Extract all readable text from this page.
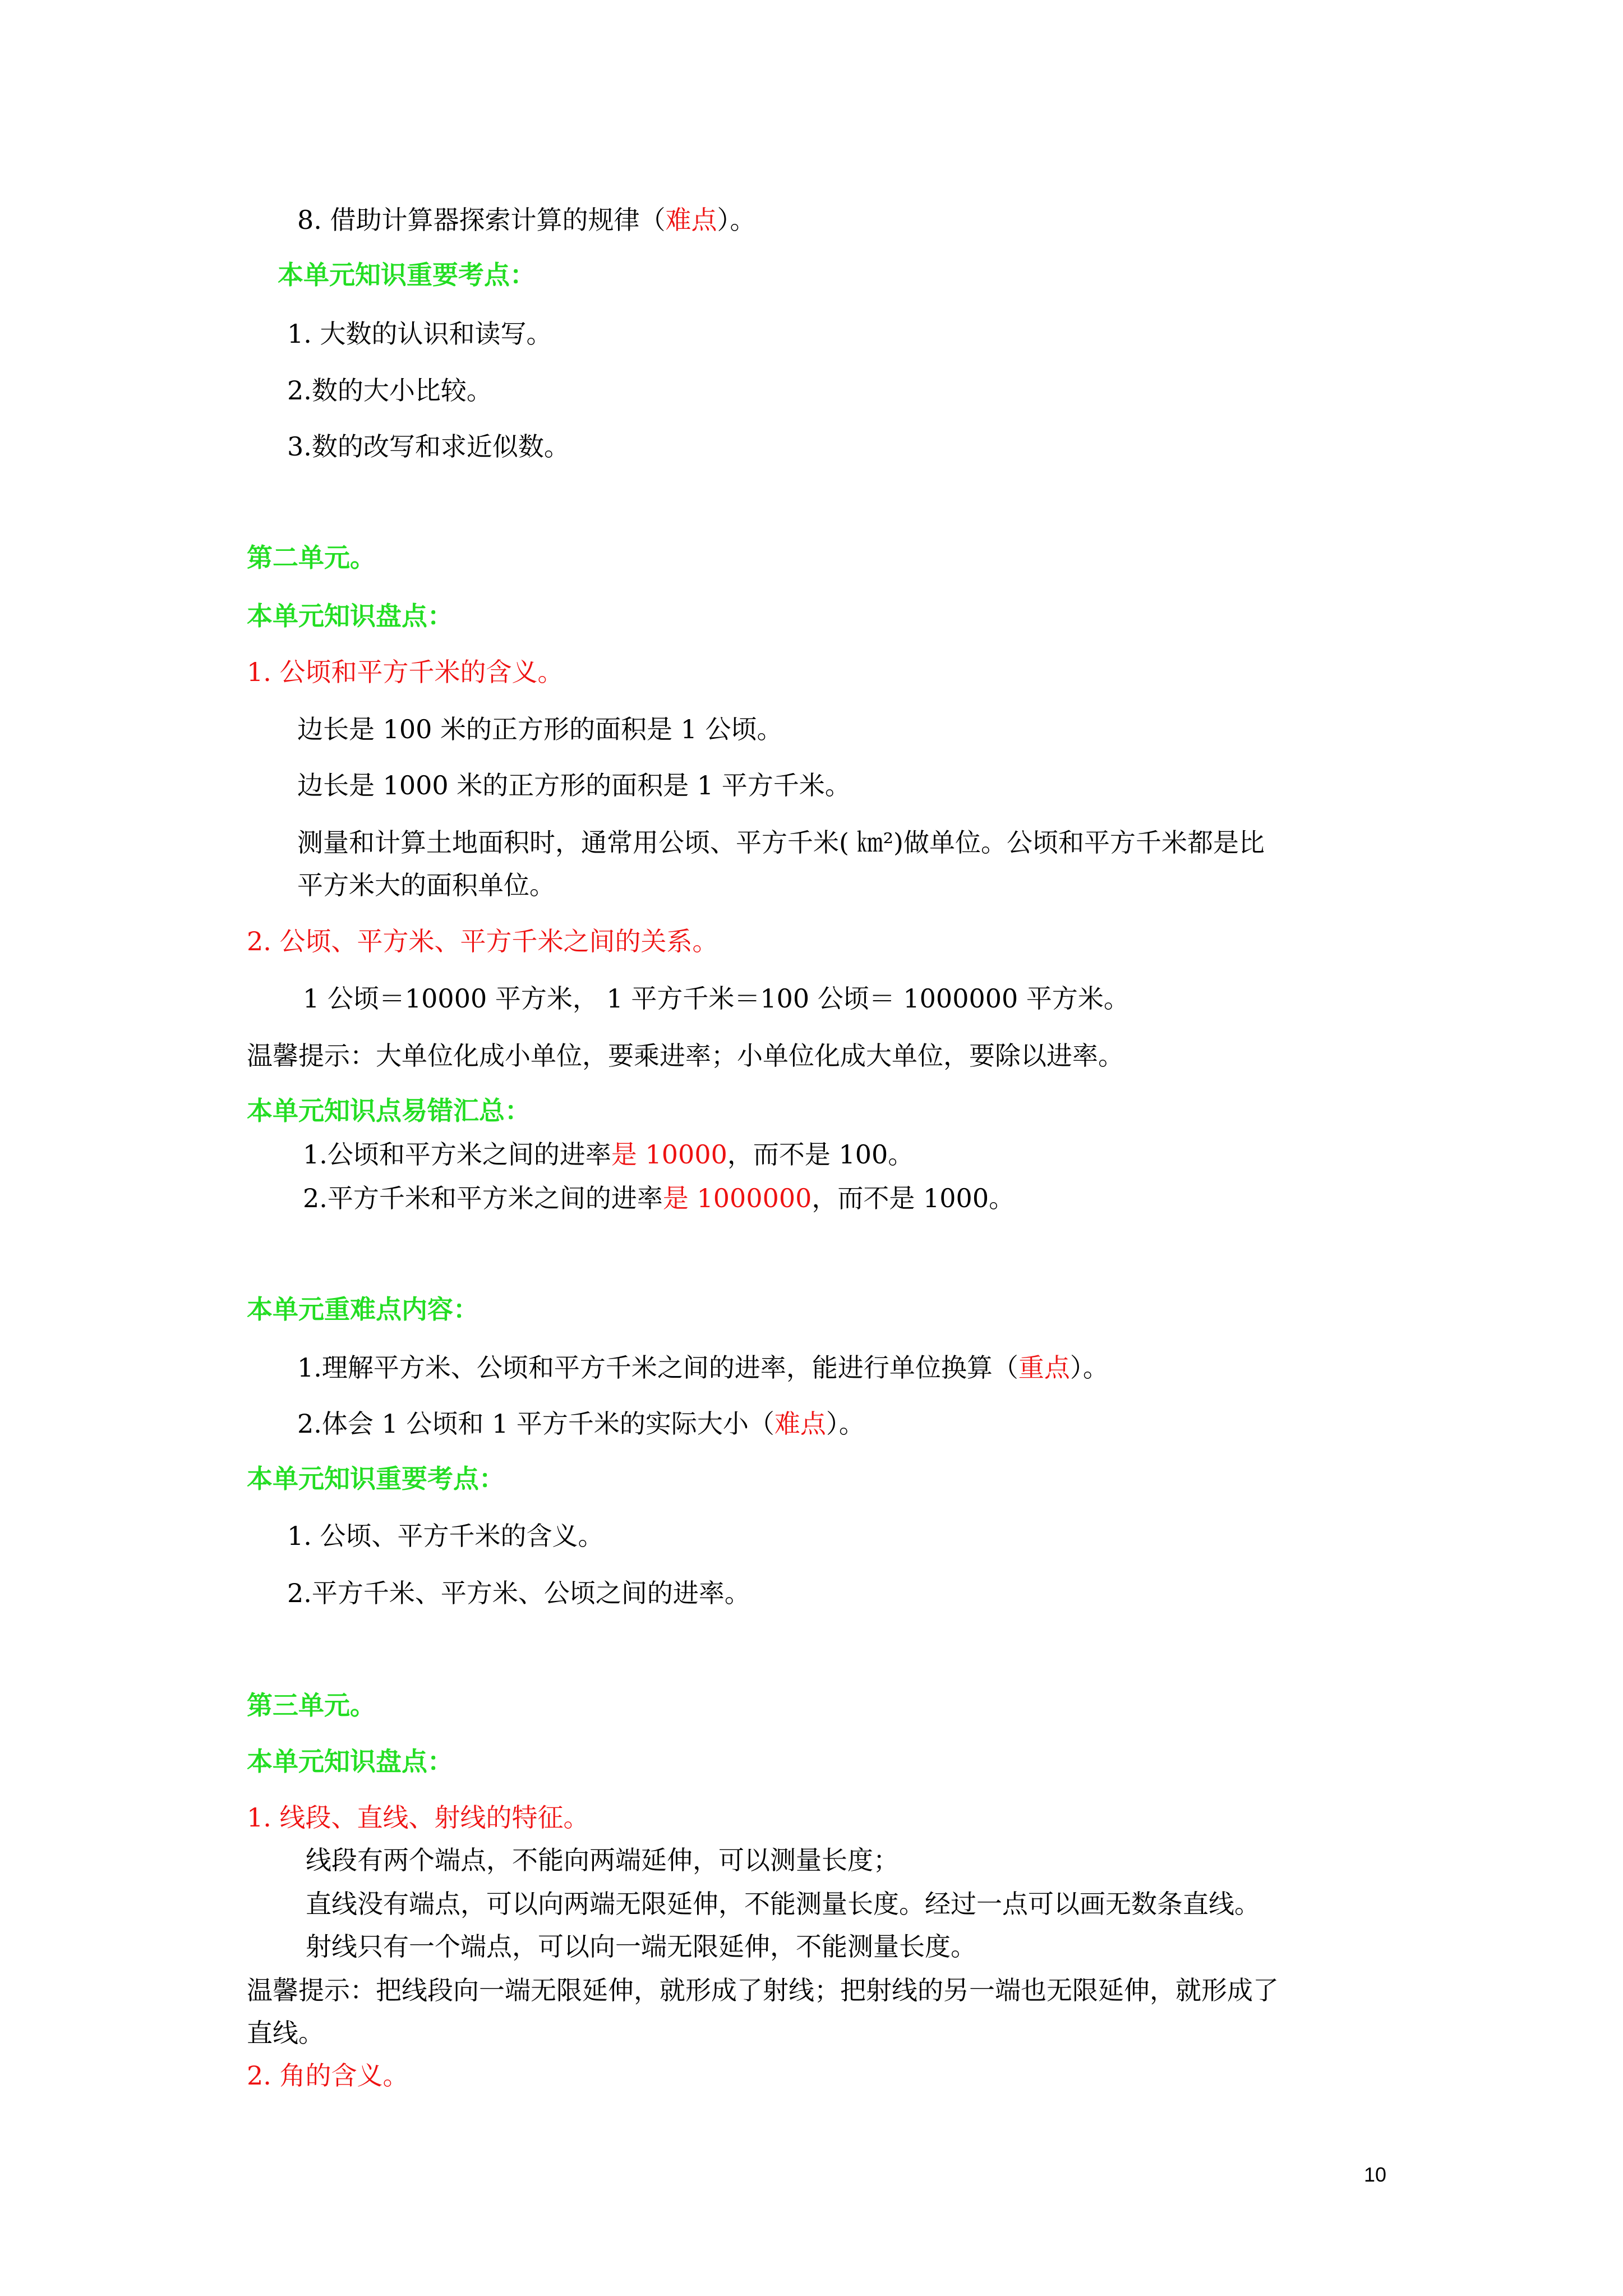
8. 借助计算器探索计算的规律（难点）。
本单元知识重要考点：
1. 大数的认识和读写。
2.数的大小比较。
3.数的改写和求近似数。
第二单元。
本单元知识盘点：
1. 公顷和平方千米的含义。
边长是 100 米的正方形的面积是 1 公顷。
边长是 1000 米的正方形的面积是 1 平方千米。
测量和计算土地面积时，通常用公顷、平方千米( ㎞²)做单位。公顷和平方千米都是比
平方米大的面积单位。
2. 公顷、平方米、平方千米之间的关系。
1 公顷＝10000 平方米， 1 平方千米＝100 公顷＝ 1000000 平方米。
温馨提示：大单位化成小单位，要乘进率；小单位化成大单位，要除以进率。
本单元知识点易错汇总：
1.公顷和平方米之间的进率是 10000，而不是 100。
2.平方千米和平方米之间的进率是 1000000，而不是 1000。
本单元重难点内容：
1.理解平方米、公顷和平方千米之间的进率，能进行单位换算（重点）。
2.体会 1 公顷和 1 平方千米的实际大小（难点）。
本单元知识重要考点：
1. 公顷、平方千米的含义。
2.平方千米、平方米、公顷之间的进率。
第三单元。
本单元知识盘点：
1. 线段、直线、射线的特征。
线段有两个端点，不能向两端延伸，可以测量长度；
直线没有端点，可以向两端无限延伸，不能测量长度。经过一点可以画无数条直线。
射线只有一个端点，可以向一端无限延伸，不能测量长度。
温馨提示：把线段向一端无限延伸，就形成了射线；把射线的另一端也无限延伸，就形成了
直线。
2. 角的含义。
10
